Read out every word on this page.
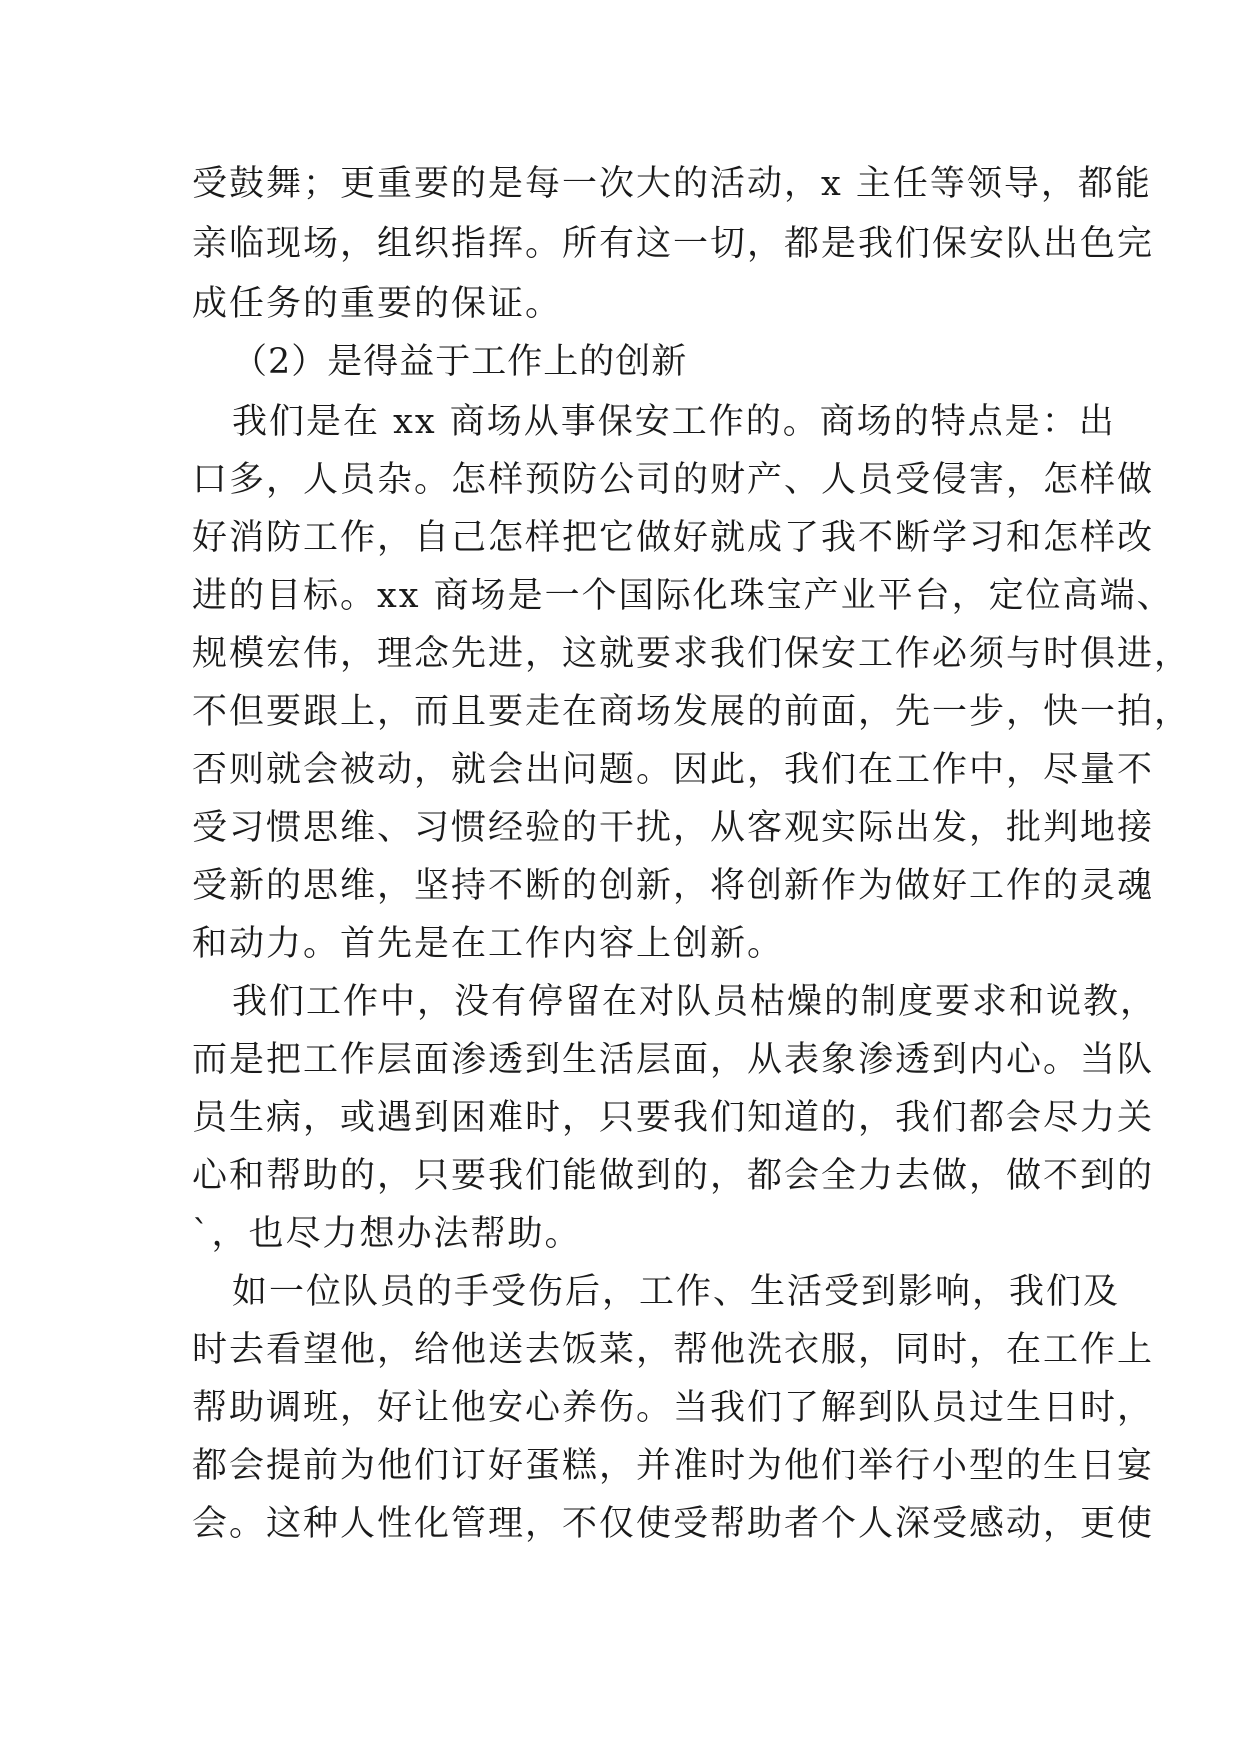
受鼓舞；更重要的是每一次大的活动，x 主任等领导，都能
亲临现场，组织指挥。所有这一切，都是我们保安队出色完
成任务的重要的保证。
（2）是得益于工作上的创新
我们是在 xx 商场从事保安工作的。商场的特点是：出
口多，人员杂。怎样预防公司的财产、人员受侵害，怎样做
好消防工作，自己怎样把它做好就成了我不断学习和怎样改
进的目标。xx 商场是一个国际化珠宝产业平台，定位高端、
规模宏伟，理念先进，这就要求我们保安工作必须与时俱进，
不但要跟上，而且要走在商场发展的前面，先一步，快一拍，
否则就会被动，就会出问题。因此，我们在工作中，尽量不
受习惯思维、习惯经验的干扰，从客观实际出发，批判地接
受新的思维，坚持不断的创新，将创新作为做好工作的灵魂
和动力。首先是在工作内容上创新。
我们工作中，没有停留在对队员枯燥的制度要求和说教，
而是把工作层面渗透到生活层面，从表象渗透到内心。当队
员生病，或遇到困难时，只要我们知道的，我们都会尽力关
心和帮助的，只要我们能做到的，都会全力去做，做不到的
`，也尽力想办法帮助。
如一位队员的手受伤后，工作、生活受到影响，我们及
时去看望他，给他送去饭菜，帮他洗衣服，同时，在工作上
帮助调班，好让他安心养伤。当我们了解到队员过生日时，
都会提前为他们订好蛋糕，并准时为他们举行小型的生日宴
会。这种人性化管理，不仅使受帮助者个人深受感动，更使
